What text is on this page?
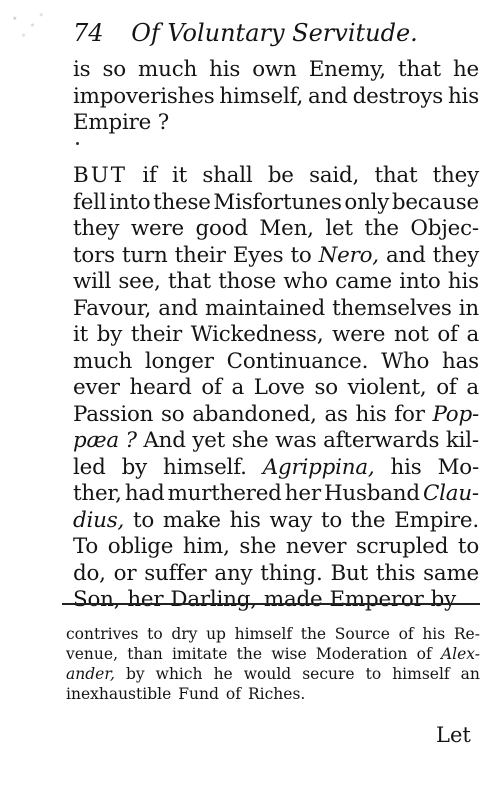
74 Of Voluntary Servitude.
is so much his own Enemy, that he
impoverishes himself, and destroys his
Empire ?

BUT if it shall be said, that they
fell into these Misfortunes only because
they were good Men, let the Objec-
tors turn their Eyes to Nero, and they
will see, that those who came into his
Favour, and maintained themselves in
it by their Wickedness, were not of a
much longer Continuance. Who has
ever heard of a Love so violent, of a
Passion so abandoned, as his for Pop-
pæa ? And yet she was afterwards kil-
led by himself. Agrippina, his Mo-
ther, had murthered her Husband Clau-
dius, to make his way to the Empire.
To oblige him, she never scrupled to
do, or suffer any thing. But this same
Son, her Darling, made Emperor by
contrives to dry up himself the Source of his Re-
venue, than imitate the wise Moderation of Alex-
ander, by which he would secure to himself an
inexhaustible Fund of Riches.
Let
